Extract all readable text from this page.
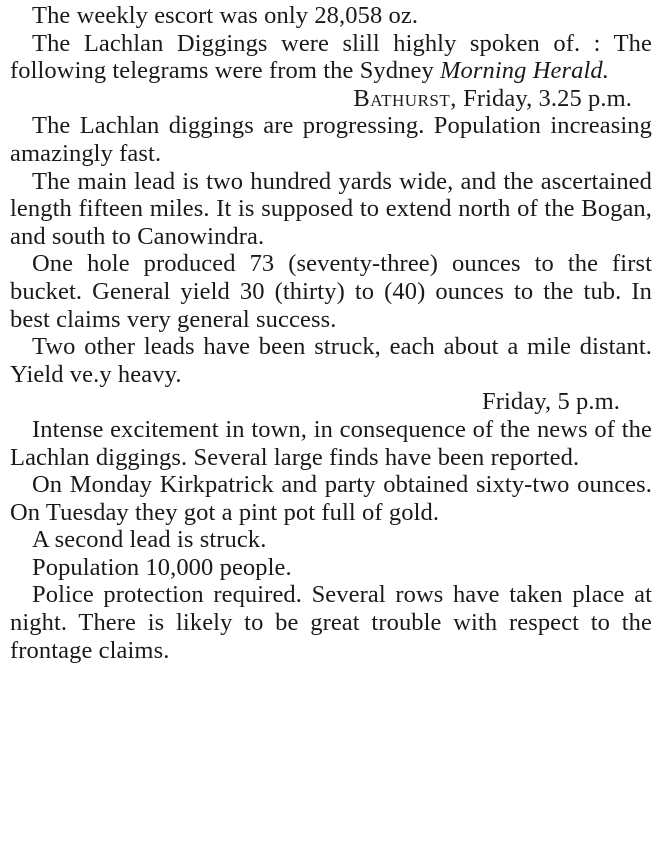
The weekly escort was only 28,058 oz.

The Lachlan Diggings were slill highly spoken of. : The following telegrams were from the Sydney Morning Herald.

Bathurst, Friday, 3.25 p.m.

The Lachlan diggings are progressing. Population increasing amazingly fast.

The main lead is two hundred yards wide, and the ascertained length fifteen miles. It is supposed to extend north of the Bogan, and south to Canowindra.

One hole produced 73 (seventy-three) ounces to the first bucket. General yield 30 (thirty) to (40) ounces to the tub. In best claims very general success.

Two other leads have been struck, each about a mile distant. Yield ve.y heavy.

Friday, 5 p.m.

Intense excitement in town, in consequence of the news of the Lachlan diggings. Several large finds have been reported.

On Monday Kirkpatrick and party obtained sixty-two ounces. On Tuesday they got a pint pot full of gold.

A second lead is struck.

Population 10,000 people.

Police protection required. Several rows have taken place at night. There is likely to be great trouble with respect to the frontage claims.
